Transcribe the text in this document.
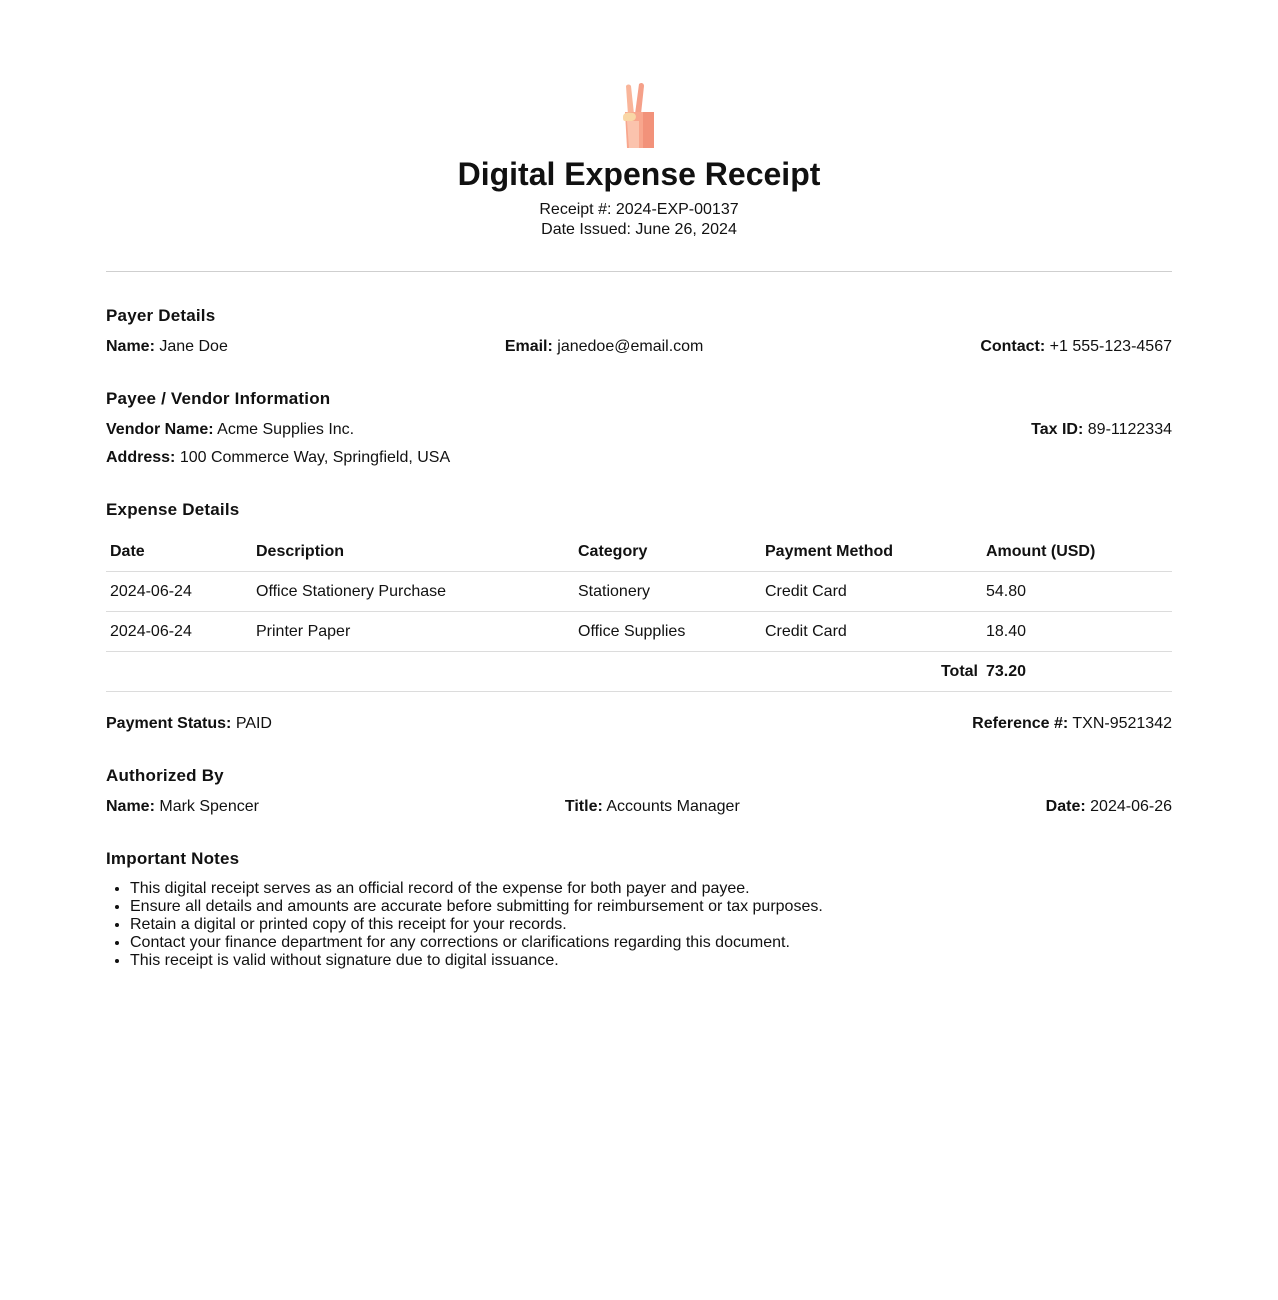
Digital Expense Receipt
Receipt #: 2024-EXP-00137
Date Issued: June 26, 2024
Payer Details
Name: Jane Doe	Email: janedoe@email.com	Contact: +1 555-123-4567
Payee / Vendor Information
Vendor Name: Acme Supplies Inc.	Tax ID: 89-1122334
Address: 100 Commerce Way, Springfield, USA
Expense Details
Date	Description	Category	Payment Method	Amount (USD)
2024-06-24	Office Stationery Purchase	Stationery	Credit Card	54.80
2024-06-24	Printer Paper	Office Supplies	Credit Card	18.40
Total				73.20
Payment Status: PAID	Reference #: TXN-9521342
Authorized By
Name: Mark Spencer	Title: Accounts Manager	Date: 2024-06-26
Important Notes
• This digital receipt serves as an official record of the expense for both payer and payee.
• Ensure all details and amounts are accurate before submitting for reimbursement or tax purposes.
• Retain a digital or printed copy of this receipt for your records.
• Contact your finance department for any corrections or clarifications regarding this document.
• This receipt is valid without signature due to digital issuance.
